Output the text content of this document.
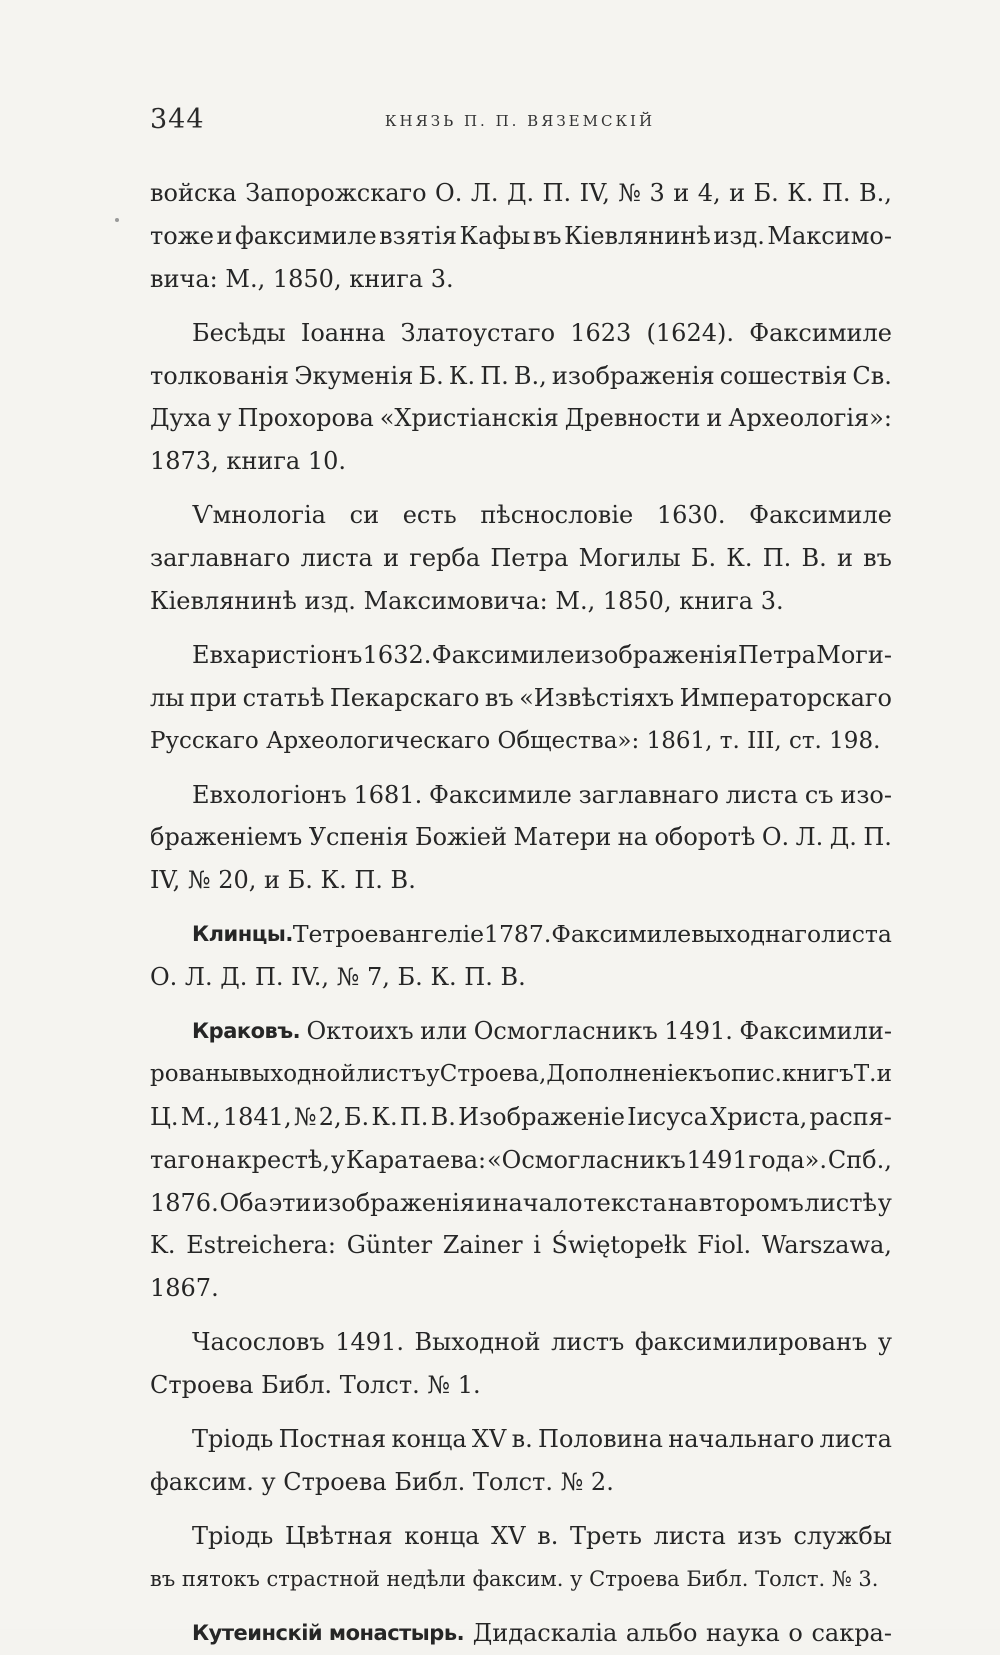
344	КНЯЗЬ П. П. ВЯЗЕМСКІЙ
войска Запорожскаго О. Л. Д. П. IV, № 3 и 4, и Б. К. П. В.,
тоже и факсимиле взятія Кафы въ Кіевлянинѣ изд. Максимо-
вича: М., 1850, книга 3.
Бесѣды Іоанна Златоустаго 1623 (1624). Факсимиле
толкованія Экуменія Б. К. П. В., изображенія сошествія Св.
Духа у Прохорова «Христіанскія Древности и Археологія»:
1873, книга 10.
Ѵмнологіа си есть пѣснословіе 1630. Факсимиле
заглавнаго листа и герба Петра Могилы Б. К. П. В. и въ
Кіевлянинѣ изд. Максимовича: М., 1850, книга 3.
Евхаристіонъ 1632. Факсимиле изображенія Петра Моги-
лы при статьѣ Пекарскаго въ «Извѣстіяхъ Императорскаго
Русскаго Археологическаго Общества»: 1861, т. III, ст. 198.
Евхологіонъ 1681. Факсимиле заглавнаго листа съ изо-
браженіемъ Успенія Божіей Матери на оборотѣ О. Л. Д. П.
IV, № 20, и Б. К. П. В.
Клинцы. Тетроевангеліе 1787. Факсимиле выходнаго листа
О. Л. Д. П. IV., № 7, Б. К. П. В.
Краковъ. Октоихъ или Осмогласникъ 1491. Факсимили-
рованы выходной листъ у Строева, Дополненіе къ опис. книгъ Т. и
Ц. М., 1841, № 2, Б. К. П. В. Изображеніе Іисуса Христа, распя-
таго на крестѣ, у Каратаева: «Осмогласникъ 1491 года». Спб.,
1876. Оба эти изображенія и начало текста на второмъ листѣ у
K. Estreichera: Günter Zainer i Świętopełk Fiol. Warszawa,
1867.
Часословъ 1491. Выходной листъ факсимилированъ у
Строева Библ. Толст. № 1.
Тріодь Постная конца XV в. Половина начальнаго листа
факсим. у Строева Библ. Толст. № 2.
Тріодь Цвѣтная конца XV в. Треть листа изъ службы
въ пятокъ страстной недѣли факсим. у Строева Библ. Толст. № 3.
Кутеинскій монастырь. Дидаскаліа альбо наука о сакра-
